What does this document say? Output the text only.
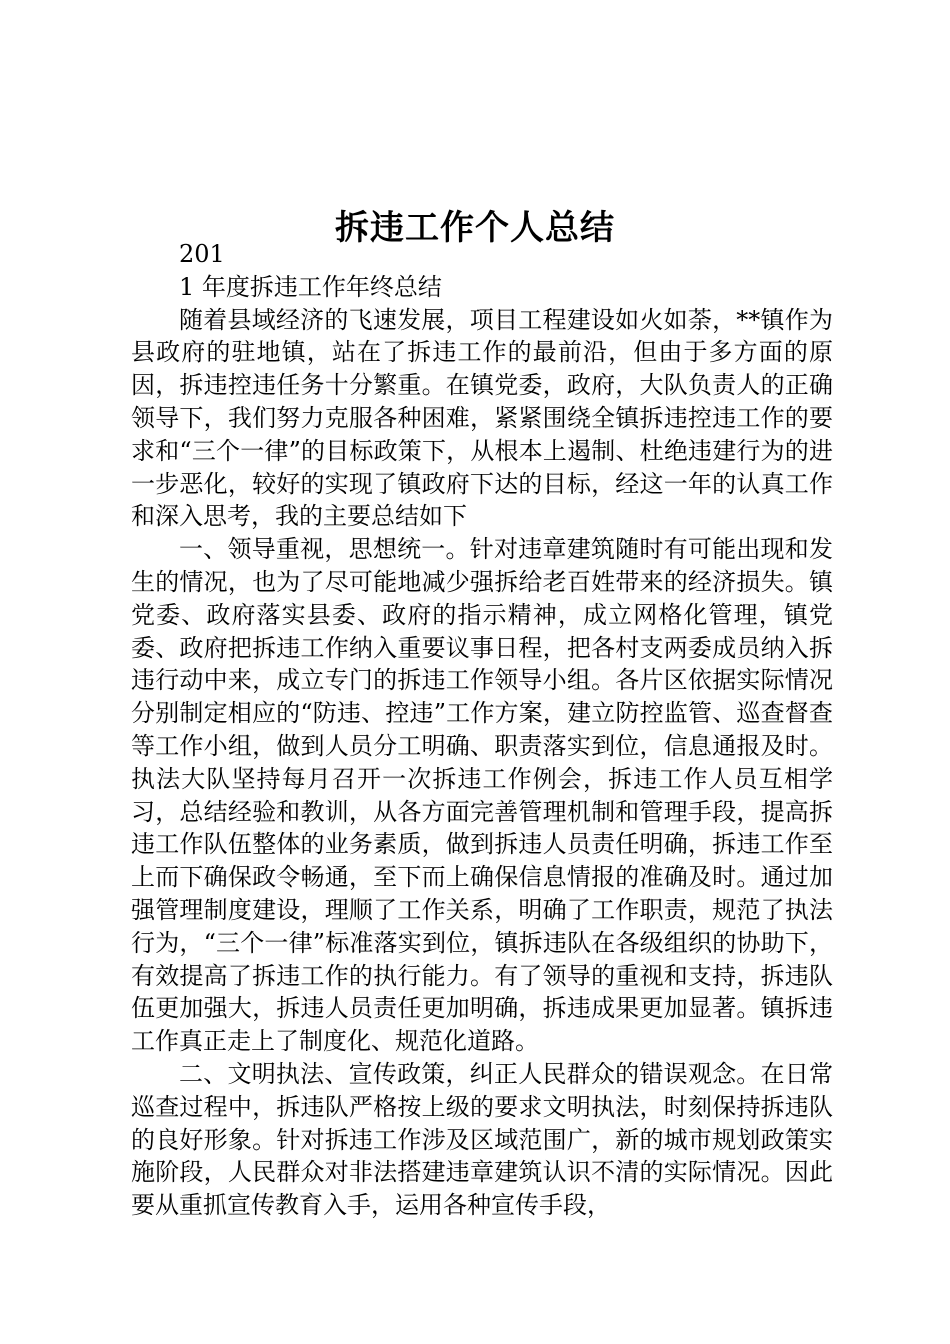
拆违工作个人总结

201

1 年度拆违工作年终总结

随着县域经济的飞速发展，项目工程建设如火如荼，**镇作为县政府的驻地镇，站在了拆违工作的最前沿，但由于多方面的原因，拆违控违任务十分繁重。在镇党委，政府，大队负责人的正确领导下，我们努力克服各种困难，紧紧围绕全镇拆违控违工作的要求和“三个一律”的目标政策下，从根本上遏制、杜绝违建行为的进一步恶化，较好的实现了镇政府下达的目标，经这一年的认真工作和深入思考，我的主要总结如下

一、领导重视，思想统一。针对违章建筑随时有可能出现和发生的情况，也为了尽可能地减少强拆给老百姓带来的经济损失。镇党委、政府落实县委、政府的指示精神，成立网格化管理，镇党委、政府把拆违工作纳入重要议事日程，把各村支两委成员纳入拆违行动中来，成立专门的拆违工作领导小组。各片区依据实际情况分别制定相应的“防违、控违”工作方案，建立防控监管、巡查督查等工作小组，做到人员分工明确、职责落实到位，信息通报及时。执法大队坚持每月召开一次拆违工作例会，拆违工作人员互相学习，总结经验和教训，从各方面完善管理机制和管理手段，提高拆违工作队伍整体的业务素质，做到拆违人员责任明确，拆违工作至上而下确保政令畅通，至下而上确保信息情报的准确及时。通过加强管理制度建设，理顺了工作关系，明确了工作职责，规范了执法行为，“三个一律”标准落实到位，镇拆违队在各级组织的协助下，有效提高了拆违工作的执行能力。有了领导的重视和支持，拆违队伍更加强大，拆违人员责任更加明确，拆违成果更加显著。镇拆违工作真正走上了制度化、规范化道路。

二、文明执法、宣传政策，纠正人民群众的错误观念。在日常巡查过程中，拆违队严格按上级的要求文明执法，时刻保持拆违队的良好形象。针对拆违工作涉及区域范围广，新的城市规划政策实施阶段，人民群众对非法搭建违章建筑认识不清的实际情况。因此要从重抓宣传教育入手，运用各种宣传手段，
